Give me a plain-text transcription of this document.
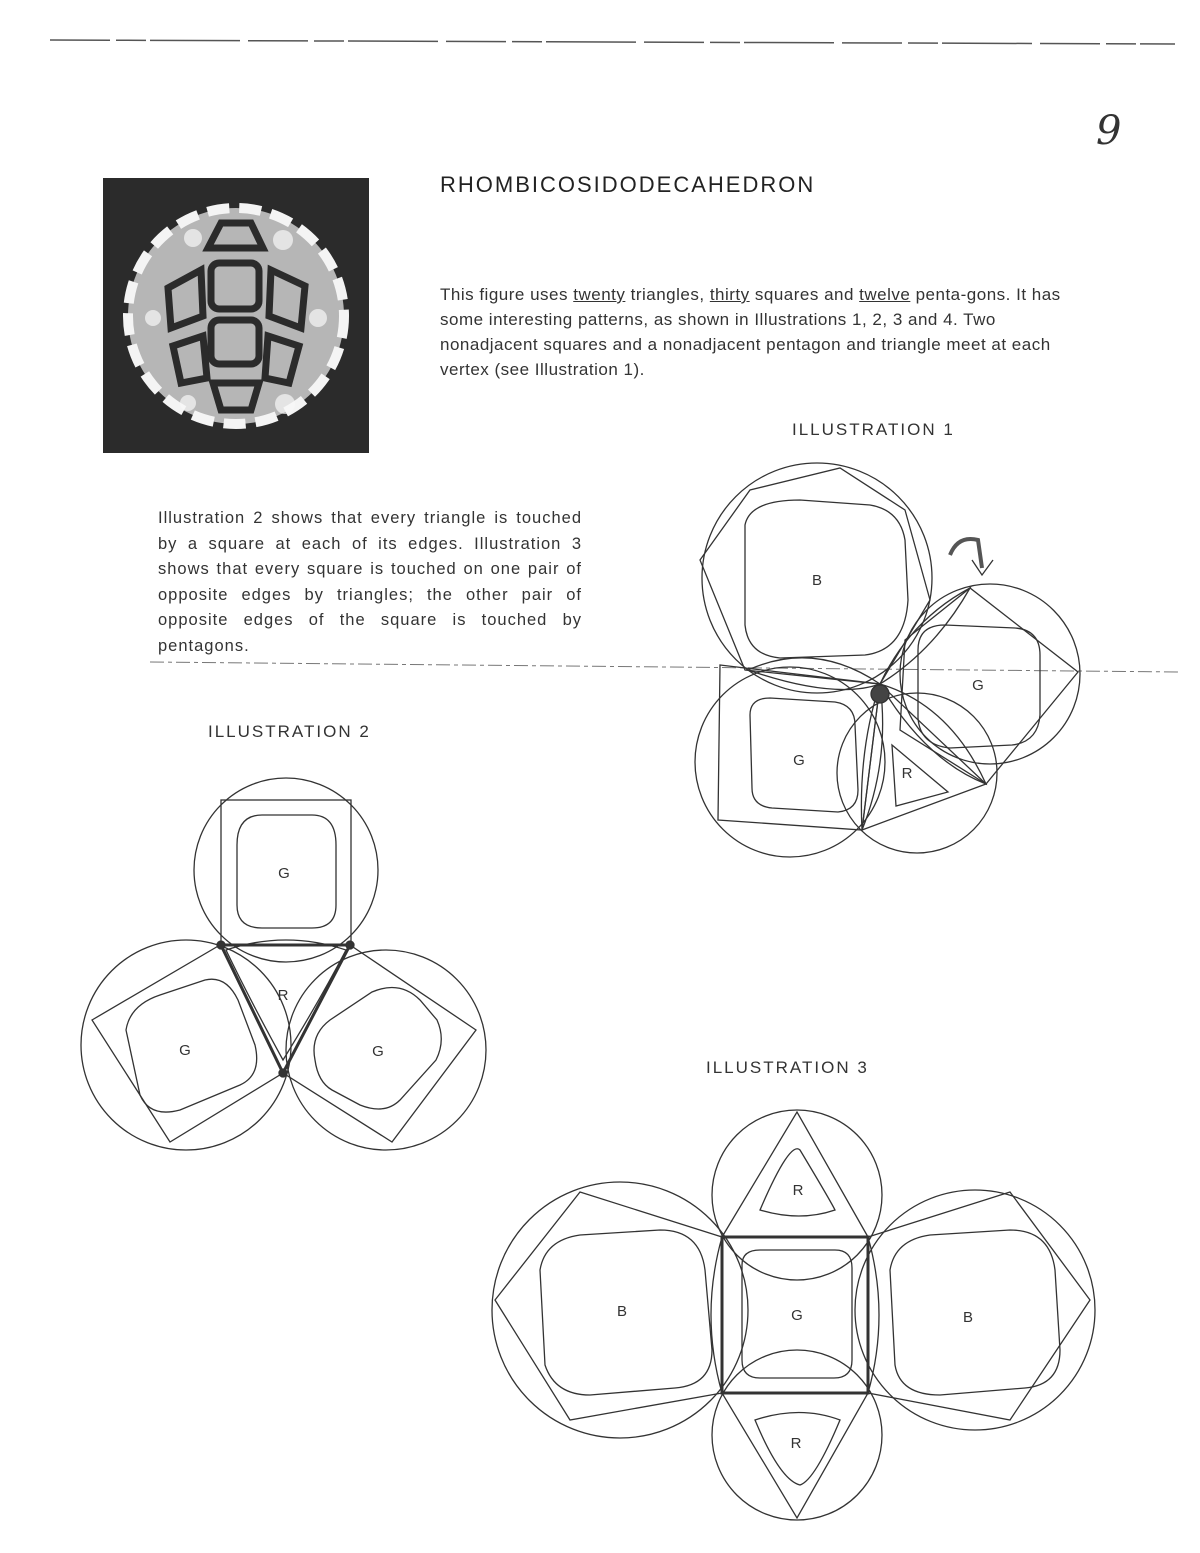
9
RHOMBICOSIDODECAHEDRON
This figure uses twenty triangles, thirty squares and twelve penta-gons. It has some interesting patterns, as shown in Illustrations 1, 2, 3 and 4. Two nonadjacent squares and a nonadjacent pentagon and triangle meet at each vertex (see Illustration 1).
Illustration 2 shows that every triangle is touched by a square at each of its edges. Illustration 3 shows that every square is touched on one pair of opposite edges by triangles; the other pair of opposite edges of the square is touched by pentagons.
ILLUSTRATION 1
ILLUSTRATION 2
ILLUSTRATION 3
B
G
G
R
G
R
G	G
R
B	G	B
R
